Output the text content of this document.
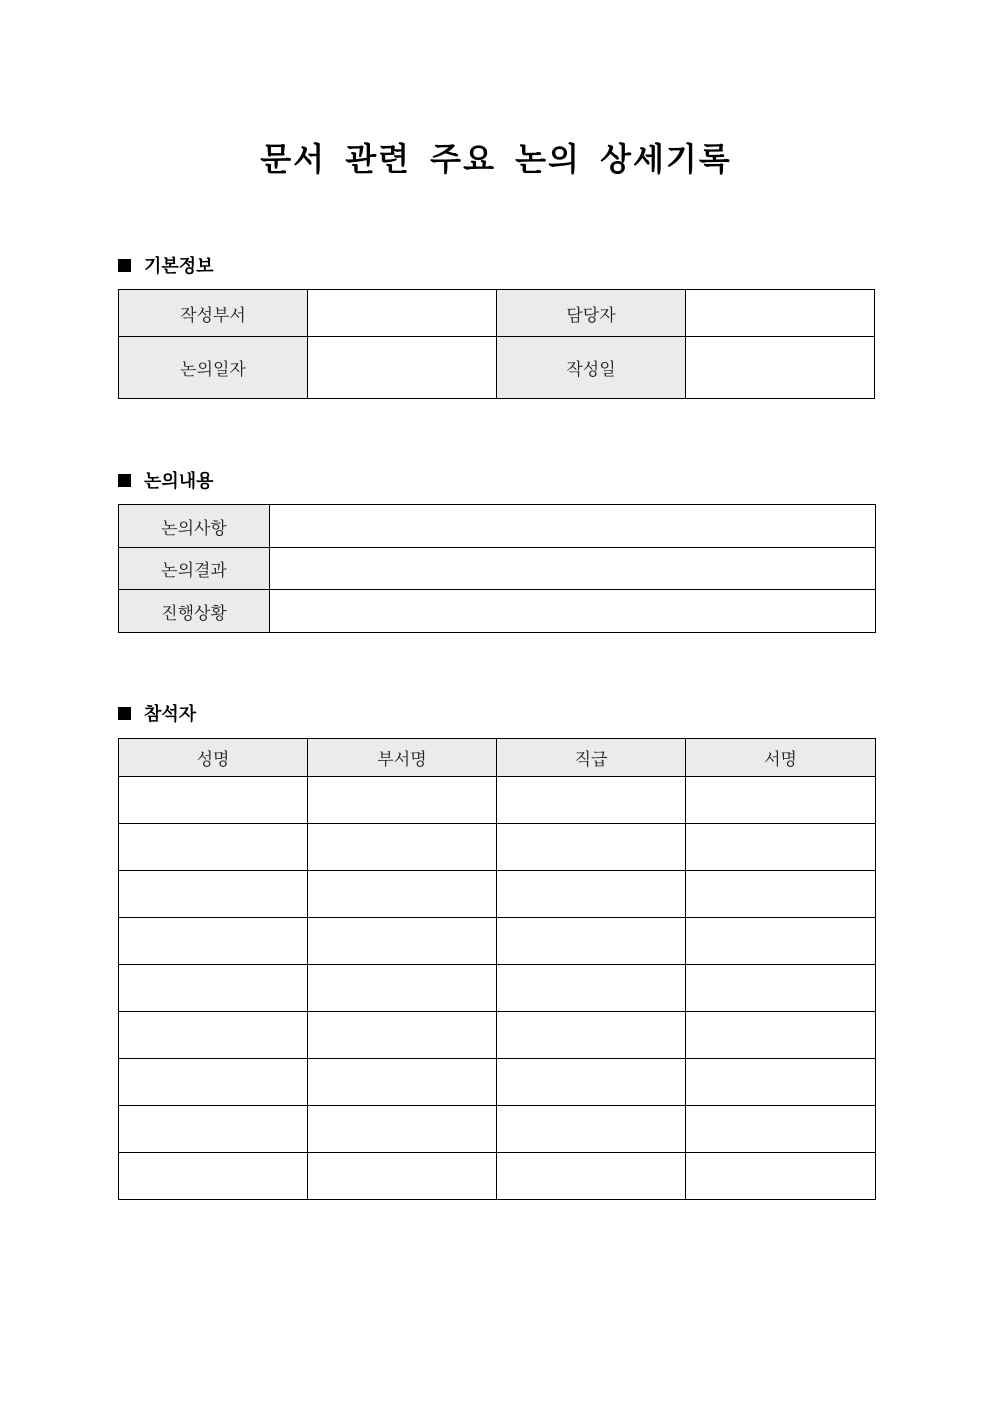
문서 관련 주요 논의 상세기록
기본정보
작성부서		담당자	
논의일자		작성일	
논의내용
논의사항	
논의결과	
진행상황	
참석자
성명	부서명	직급	서명
